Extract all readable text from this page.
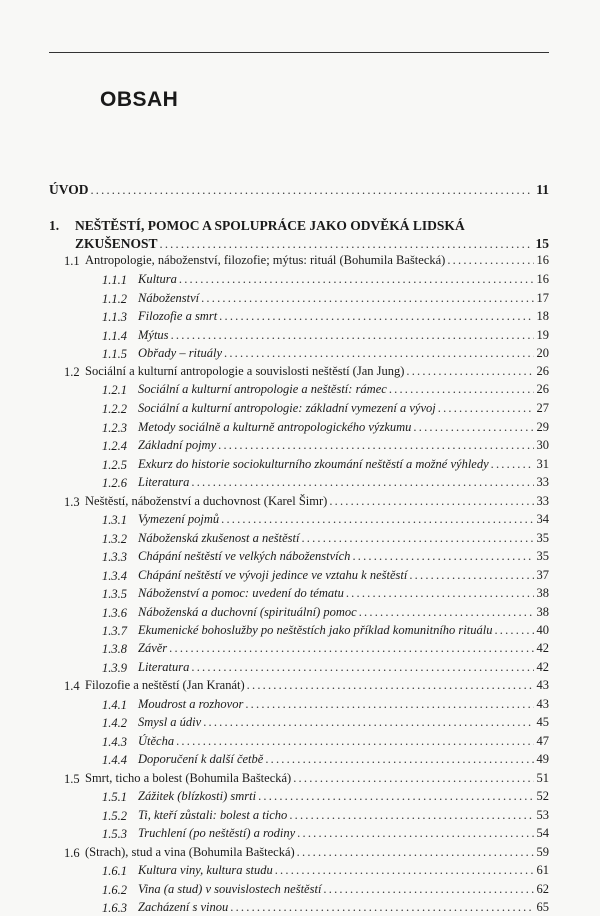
OBSAH
ÚVOD .....	11
1. NEŠTĚSTÍ, POMOC A SPOLUPRÁCE JAKO ODVĚKÁ LIDSKÁ
ZKUŠENOST .....	15
1.1 Antropologie, náboženství, filozofie; mýtus: rituál (Bohumila Baštecká) .....	16
1.1.1 Kultura .....	16
1.1.2 Náboženství .....	17
1.1.3 Filozofie a smrt .....	18
1.1.4 Mýtus .....	19
1.1.5 Obřady – rituály .....	20
1.2 Sociální a kulturní antropologie a souvislosti neštěstí (Jan Jung) .....	26
1.2.1 Sociální a kulturní antropologie a neštěstí: rámec .....	26
1.2.2 Sociální a kulturní antropologie: základní vymezení a vývoj .....	27
1.2.3 Metody sociálně a kulturně antropologického výzkumu .....	29
1.2.4 Základní pojmy .....	30
1.2.5 Exkurz do historie sociokulturního zkoumání neštěstí a možné výhledy .....	31
1.2.6 Literatura .....	33
1.3 Neštěstí, náboženství a duchovnost (Karel Šimr) .....	33
1.3.1 Vymezení pojmů .....	34
1.3.2 Náboženská zkušenost a neštěstí .....	35
1.3.3 Chápání neštěstí ve velkých náboženstvích .....	35
1.3.4 Chápání neštěstí ve vývoji jedince ve vztahu k neštěstí .....	37
1.3.5 Náboženství a pomoc: uvedení do tématu .....	38
1.3.6 Náboženská a duchovní (spirituální) pomoc .....	38
1.3.7 Ekumenické bohoslužby po neštěstích jako příklad komunitního rituálu .....	40
1.3.8 Závěr .....	42
1.3.9 Literatura .....	42
1.4 Filozofie a neštěstí (Jan Kranát) .....	43
1.4.1 Moudrost a rozhovor .....	43
1.4.2 Smysl a údiv .....	45
1.4.3 Útěcha .....	47
1.4.4 Doporučení k další četbě .....	49
1.5 Smrt, ticho a bolest (Bohumila Baštecká) .....	51
1.5.1 Zážitek (blízkosti) smrti .....	52
1.5.2 Ti, kteří zůstali: bolest a ticho .....	53
1.5.3 Truchlení (po neštěstí) a rodiny .....	54
1.6 (Strach), stud a vina (Bohumila Baštecká) .....	59
1.6.1 Kultura viny, kultura studu .....	61
1.6.2 Vina (a stud) v souvislostech neštěstí .....	62
1.6.3 Zacházení s vinou .....	65
